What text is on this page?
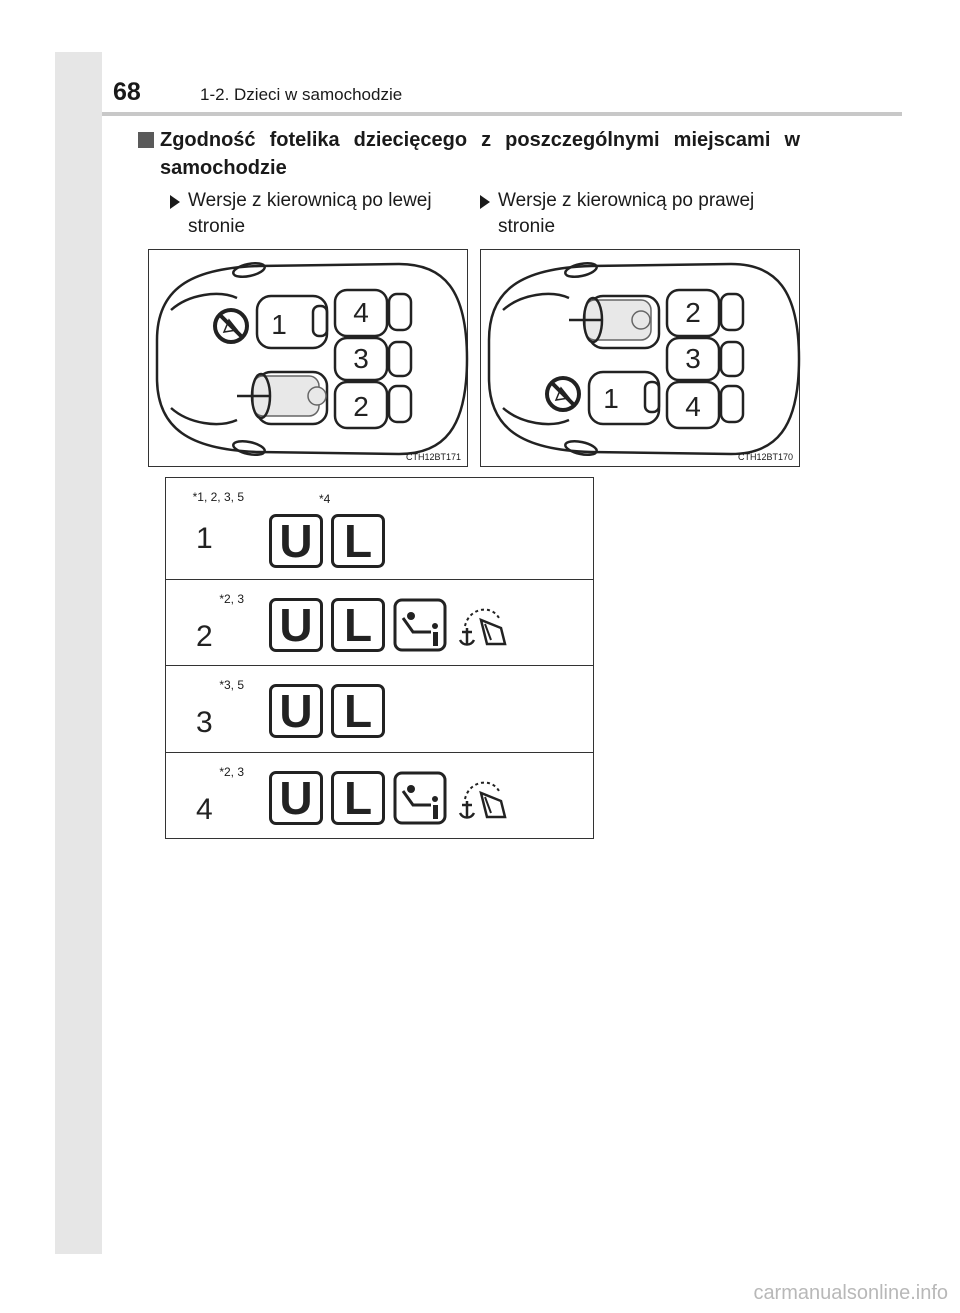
68	1-2. Dzieci w samochodzie
Zgodność fotelika dziecięcego z poszczególnymi miejscami w samochodzie
Wersje z kierownicą po lewej stronie
Wersje z kierownicą po prawej stronie
1 4
3
2
CTH12BT171
1
2
3
4
CTH12BT170
*1, 2, 3, 5
1
*4
U L
*2, 3
2 U L
*3, 5
3 U L
*2, 3
4 U L
carmanualsonline.info
